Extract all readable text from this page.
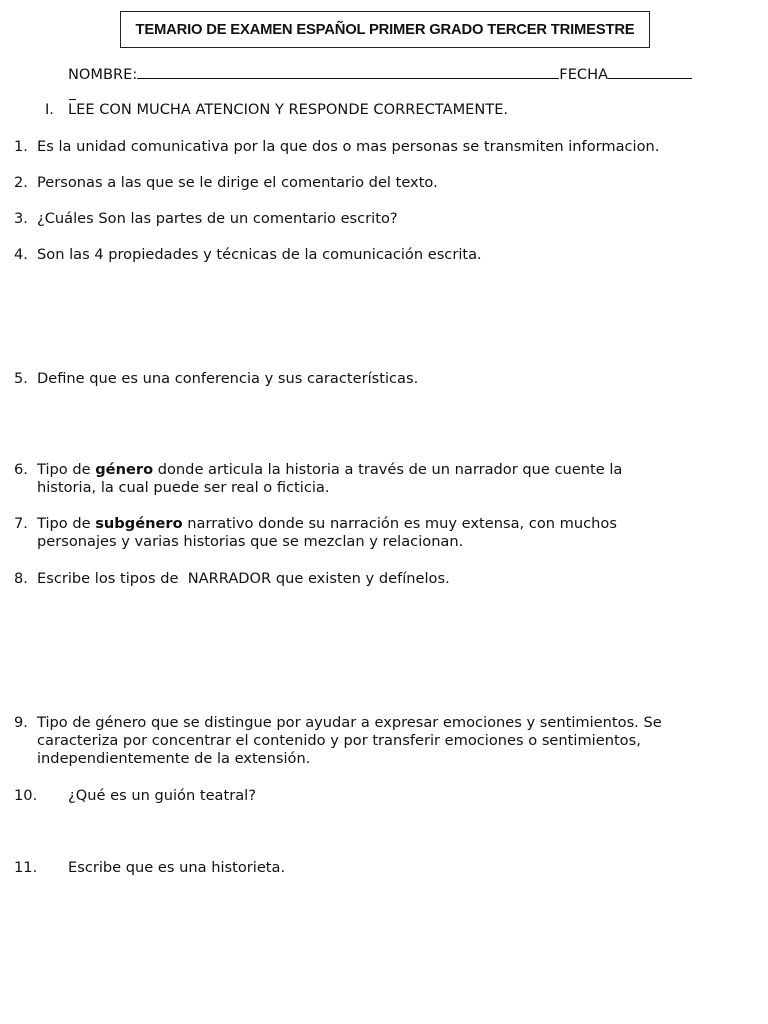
TEMARIO DE EXAMEN ESPAÑOL PRIMER GRADO TERCER TRIMESTRE
NOMBRE:	FECHA
I. LEE CON MUCHA ATENCION Y RESPONDE CORRECTAMENTE.
1. Es la unidad comunicativa por la que dos o mas personas se transmiten informacion.
2. Personas a las que se le dirige el comentario del texto.
3. ¿Cuáles Son las partes de un comentario escrito?
4. Son las 4 propiedades y técnicas de la comunicación escrita.
5. Define que es una conferencia y sus características.
6. Tipo de género donde articula la historia a través de un narrador que cuente la historia, la cual puede ser real o ficticia.
7. Tipo de subgénero narrativo donde su narración es muy extensa, con muchos personajes y varias historias que se mezclan y relacionan.
8. Escribe los tipos de  NARRADOR que existen y defínelos.
9. Tipo de género que se distingue por ayudar a expresar emociones y sentimientos. Se caracteriza por concentrar el contenido y por transferir emociones o sentimientos, independientemente de la extensión.
10. ¿Qué es un guión teatral?
11. Escribe que es una historieta.
